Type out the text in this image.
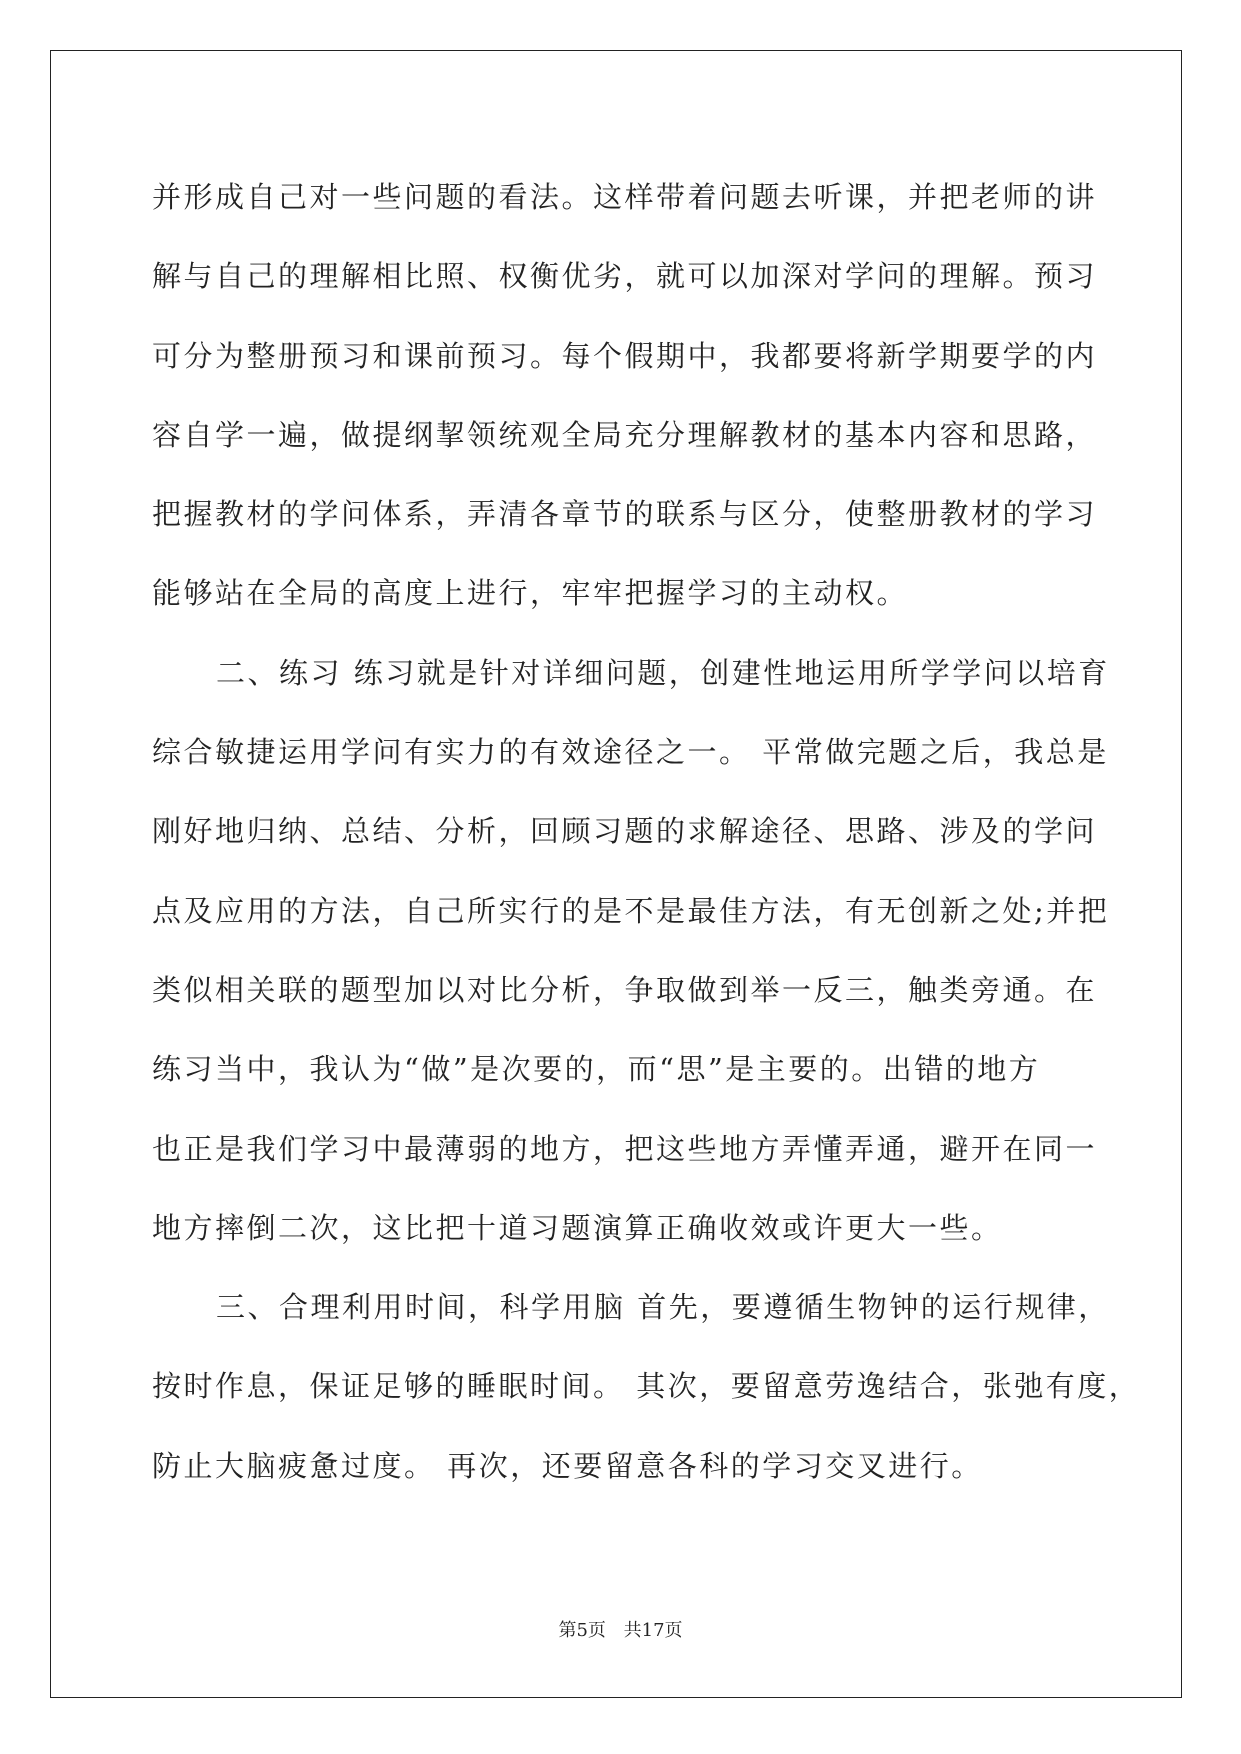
并形成自己对一些问题的看法。这样带着问题去听课，并把老师的讲
解与自己的理解相比照、权衡优劣，就可以加深对学问的理解。预习
可分为整册预习和课前预习。每个假期中，我都要将新学期要学的内
容自学一遍，做提纲挈领统观全局充分理解教材的基本内容和思路，
把握教材的学问体系，弄清各章节的联系与区分，使整册教材的学习
能够站在全局的高度上进行，牢牢把握学习的主动权。
二、练习 练习就是针对详细问题，创建性地运用所学学问以培育
综合敏捷运用学问有实力的有效途径之一。 平常做完题之后，我总是
刚好地归纳、总结、分析，回顾习题的求解途径、思路、涉及的学问
点及应用的方法，自己所实行的是不是最佳方法，有无创新之处;并把
类似相关联的题型加以对比分析，争取做到举一反三，触类旁通。在
练习当中，我认为“做”是次要的，而“思”是主要的。出错的地方
也正是我们学习中最薄弱的地方，把这些地方弄懂弄通，避开在同一
地方摔倒二次，这比把十道习题演算正确收效或许更大一些。
三、合理利用时间，科学用脑 首先，要遵循生物钟的运行规律，
按时作息，保证足够的睡眠时间。 其次，要留意劳逸结合，张弛有度，
防止大脑疲惫过度。 再次，还要留意各科的学习交叉进行。
第5页 共17页
